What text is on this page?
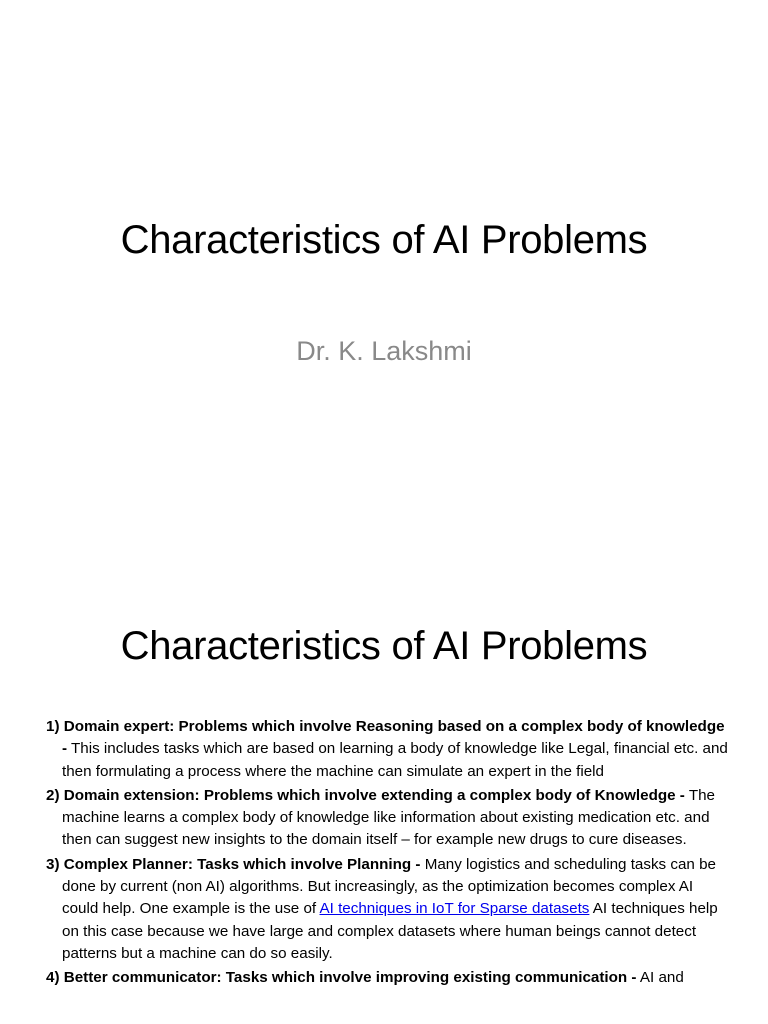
Characteristics of AI Problems

Dr. K. Lakshmi

Characteristics of AI Problems
1) Domain expert: Problems which involve Reasoning based on a complex body of knowledge - This includes tasks which are based on learning a body of knowledge like Legal, financial etc. and then formulating a process where the machine can simulate an expert in the field
2) Domain extension: Problems which involve extending a complex body of Knowledge - The machine learns a complex body of knowledge like information about existing medication etc. and then can suggest new insights to the domain itself – for example new drugs to cure diseases.
3) Complex Planner: Tasks which involve Planning - Many logistics and scheduling tasks can be done by current (non AI) algorithms. But increasingly, as the optimization becomes complex AI could help. One example is the use of AI techniques in IoT for Sparse datasets AI techniques help on this case because we have large and complex datasets where human beings cannot detect patterns but a machine can do so easily.
4) Better communicator: Tasks which involve improving existing communication - AI and
